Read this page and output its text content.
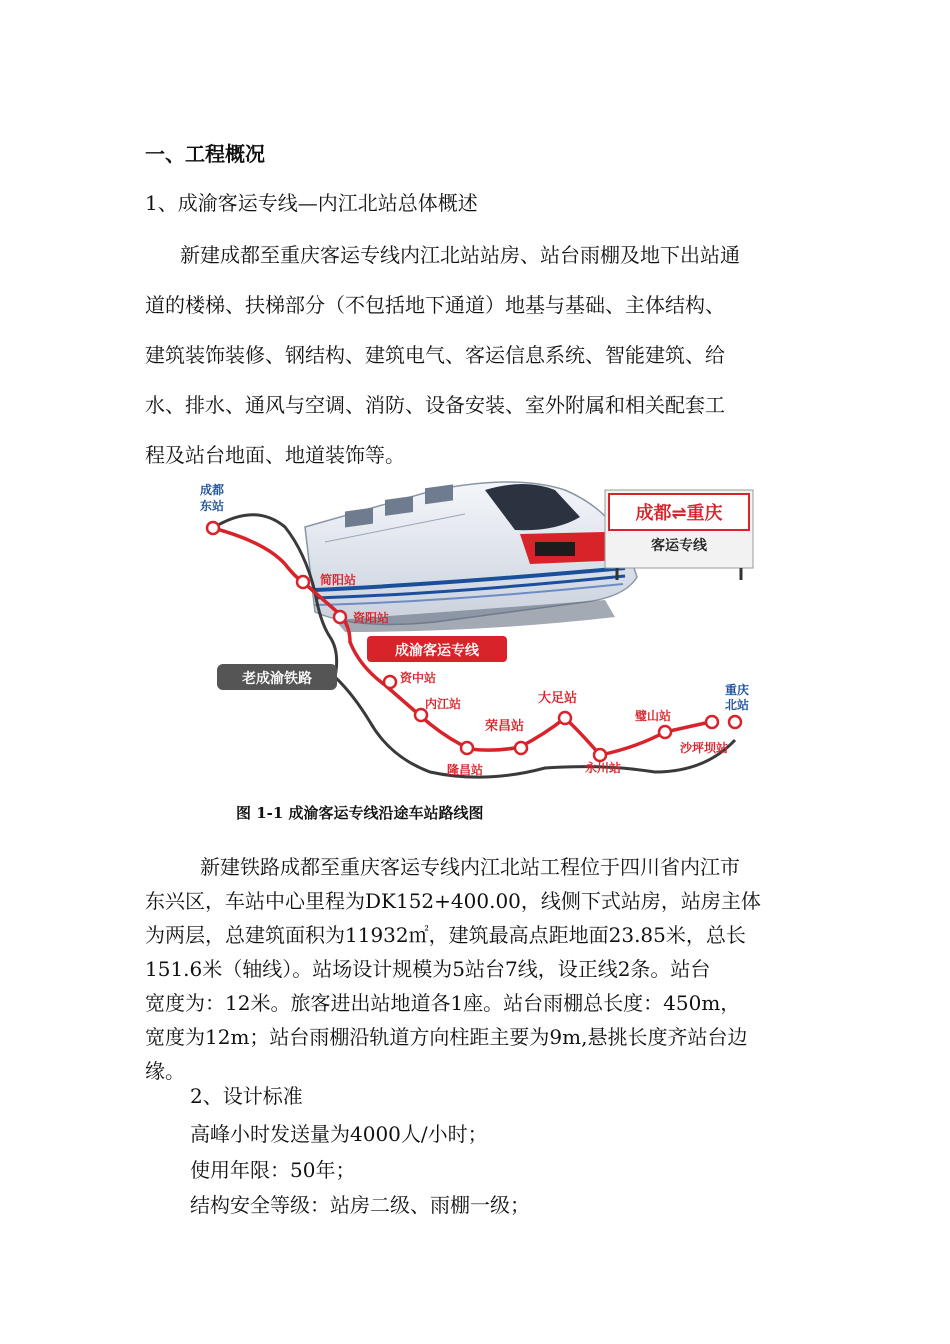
一、工程概况
1、成渝客运专线—内江北站总体概述
新建成都至重庆客运专线内江北站站房、站台雨棚及地下出站通
道的楼梯、扶梯部分（不包括地下通道）地基与基础、主体结构、
建筑装饰装修、钢结构、建筑电气、客运信息系统、智能建筑、给
水、排水、通风与空调、消防、设备安装、室外附属和相关配套工
程及站台地面、地道装饰等。
成都⇌重庆
客运专线
成都
东站
简阳站
资阳站
资中站
内江站
隆昌站
荣昌站
大足站
永川站
璧山站
沙坪坝站
重庆
北站
成渝客运专线
老成渝铁路
图 1-1 成渝客运专线沿途车站路线图
新建铁路成都至重庆客运专线内江北站工程位于四川省内江市
东兴区，车站中心里程为DK152+400.00，线侧下式站房，站房主体
为两层，总建筑面积为11932㎡，建筑最高点距地面23.85米，总长
151.6米（轴线）。站场设计规模为5站台7线，设正线2条。站台
宽度为：12米。旅客进出站地道各1座。站台雨棚总长度：450m，
宽度为12m；站台雨棚沿轨道方向柱距主要为9m,悬挑长度齐站台边
缘。
2、设计标准
高峰小时发送量为4000人/小时；
使用年限：50年；
结构安全等级：站房二级、雨棚一级；
